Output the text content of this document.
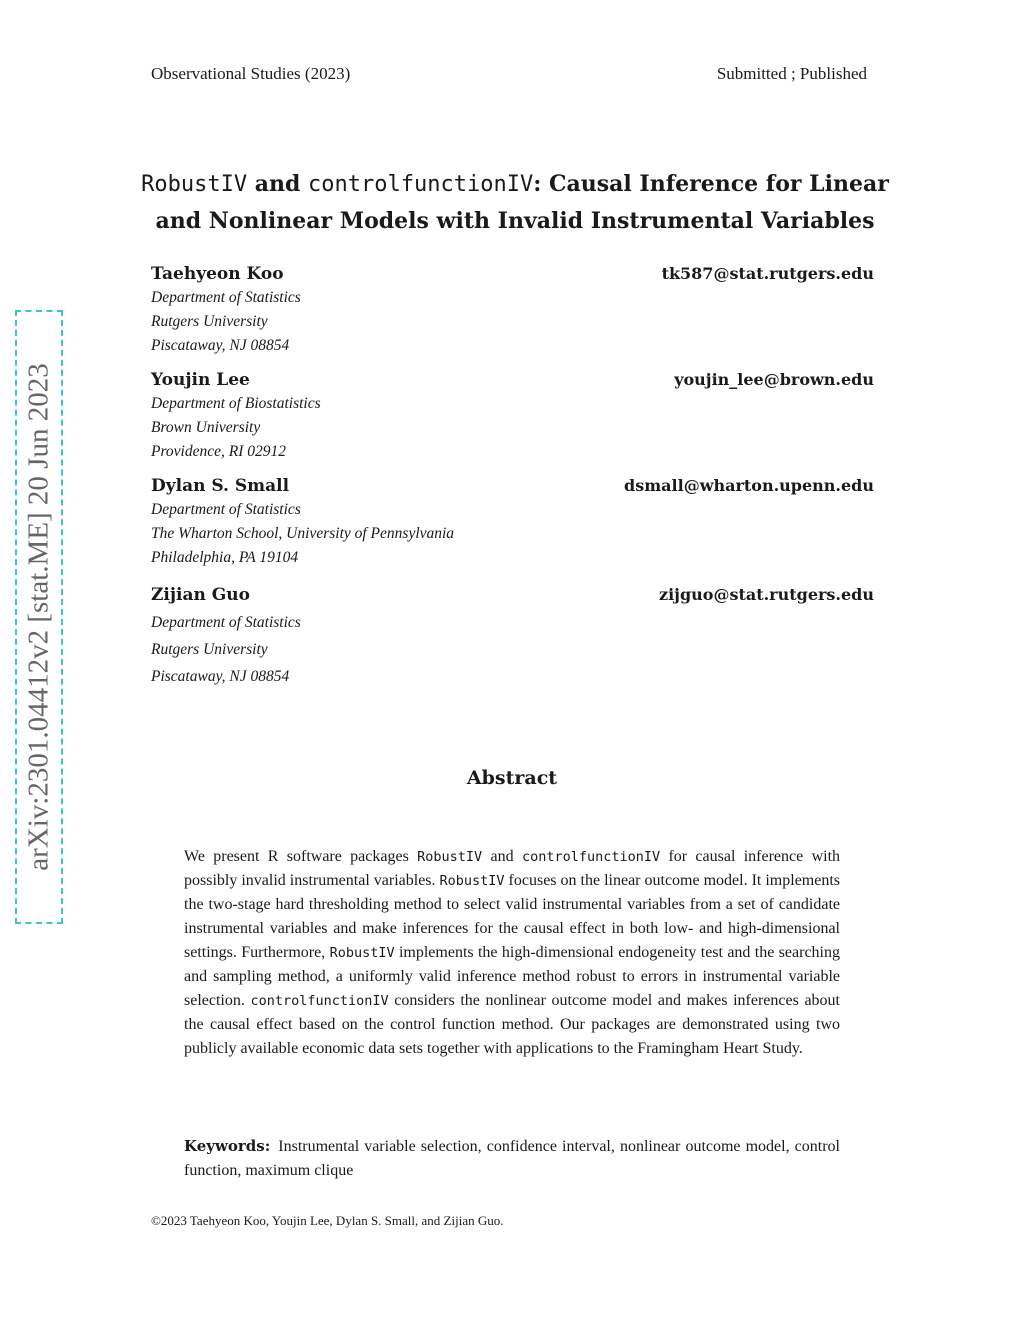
Observational Studies (2023)	Submitted ; Published
RobustIV and controlfunctionIV: Causal Inference for Linear
and Nonlinear Models with Invalid Instrumental Variables
Taehyeon Koo	tk587@stat.rutgers.edu
Department of Statistics
Rutgers University
Piscataway, NJ 08854
Youjin Lee	youjin_lee@brown.edu
Department of Biostatistics
Brown University
Providence, RI 02912
Dylan S. Small	dsmall@wharton.upenn.edu
Department of Statistics
The Wharton School, University of Pennsylvania
Philadelphia, PA 19104
Zijian Guo	zijguo@stat.rutgers.edu
Department of Statistics
Rutgers University
Piscataway, NJ 08854
arXiv:2301.04412v2 [stat.ME] 20 Jun 2023	Abstract
We present R software packages RobustIV and controlfunctionIV for causal inference with possibly invalid instrumental variables. RobustIV focuses on the linear outcome model. It implements the two-stage hard thresholding method to select valid instrumental variables from a set of candidate instrumental variables and make inferences for the causal effect in both low- and high-dimensional settings. Furthermore, RobustIV implements the high-dimensional endogeneity test and the searching and sampling method, a uniformly valid inference method robust to errors in instrumental variable selection. controlfunctionIV considers the nonlinear outcome model and makes inferences about the causal effect based on the control function method. Our packages are demonstrated using two publicly available economic data sets together with applications to the Framingham Heart Study.
Keywords: Instrumental variable selection, confidence interval, nonlinear outcome model, control function, maximum clique
©2023 Taehyeon Koo, Youjin Lee, Dylan S. Small, and Zijian Guo.
